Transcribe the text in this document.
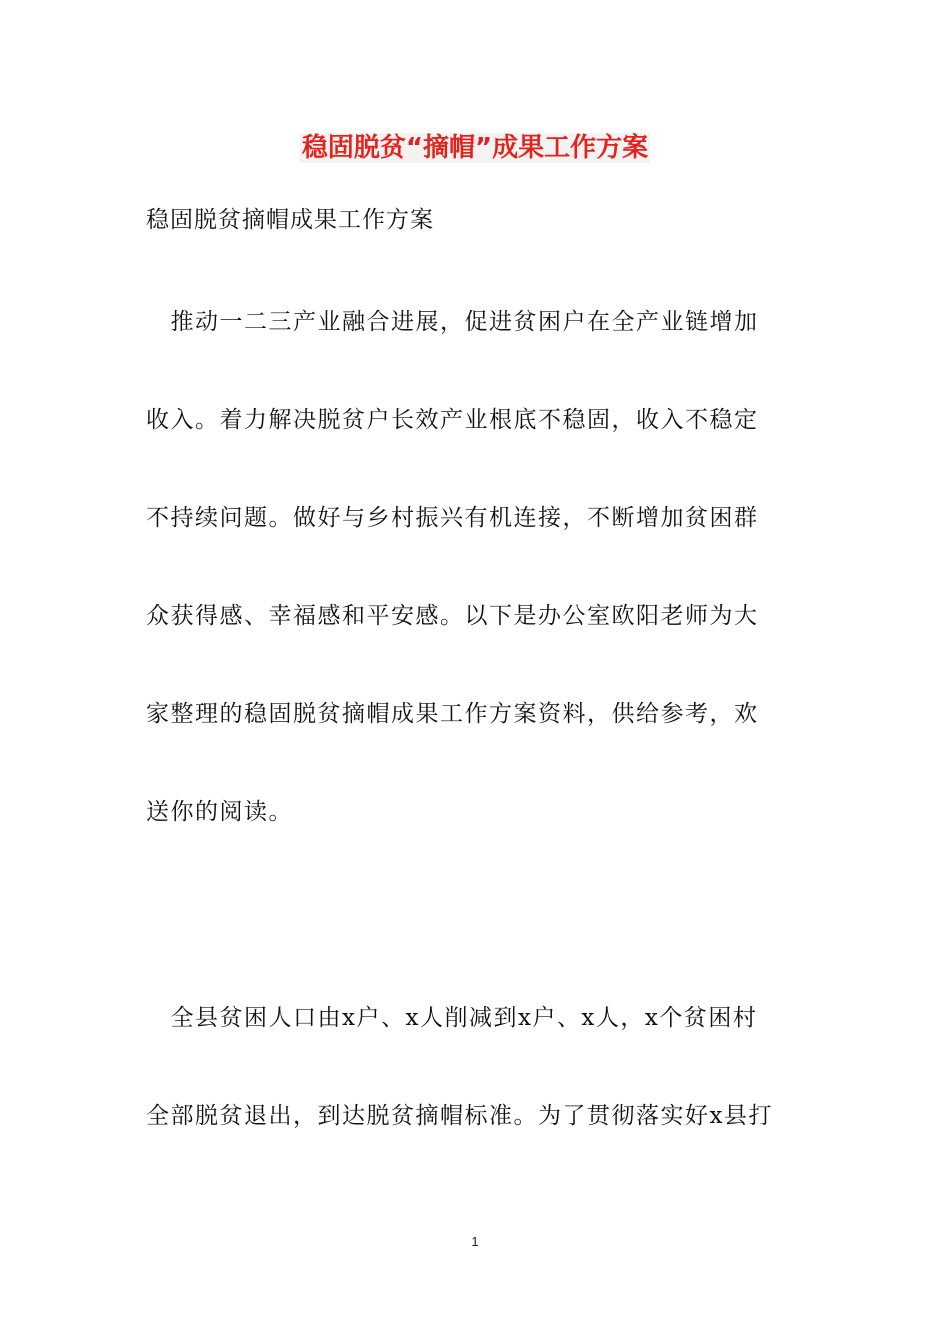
稳固脱贫“摘帽”成果工作方案
稳固脱贫摘帽成果工作方案
　推动一二三产业融合进展，促进贫困户在全产业链增加
收入。着力解决脱贫户长效产业根底不稳固，收入不稳定
不持续问题。做好与乡村振兴有机连接，不断增加贫困群
众获得感、幸福感和平安感。以下是办公室欧阳老师为大
家整理的稳固脱贫摘帽成果工作方案资料，供给参考，欢
送你的阅读。
　全县贫困人口由x户、x人削减到x户、x人，x个贫困村
全部脱贫退出，到达脱贫摘帽标准。为了贯彻落实好x县打
1
